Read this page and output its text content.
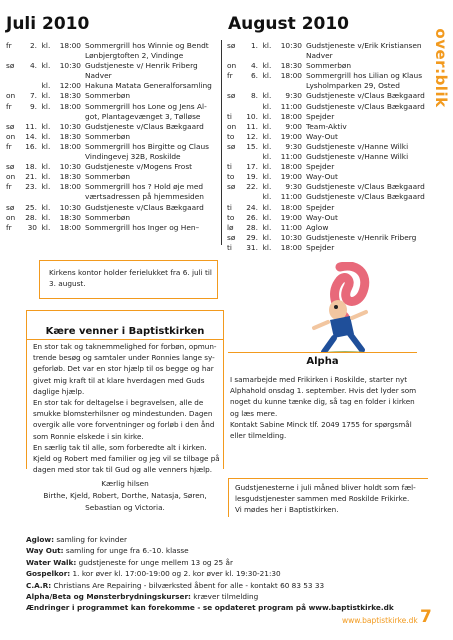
Juli 2010	August 2010
over:blik
fr	2. kl.	18:00 Sommergrill hos Winnie og Bendt
Lønbjergtoften 2, Vindinge
sø	4. kl.	10:30 Gudstjeneste v/ Henrik Friberg
Nadver
kl.	12:00 Hakuna Matata Generalforsamling
on	7. kl.	18:30 Sommerbøn
fr	9. kl.	18:00 Sommergrill hos Lone og Jens Al-
got, Plantagevænget 3, Tølløse
sø	11. kl.	10:30 Gudstjeneste v/Claus Bækgaard
on	14. kl.	18:30 Sommerbøn
fr	16. kl.	18:00 Sommergrill hos Birgitte og Claus
Vindingevej 32B, Roskilde
sø	18. kl.	10:30 Gudstjeneste v/Mogens Frost
on	21. kl.	18:30 Sommerbøn
fr	23. kl.	18:00 Sommergrill hos ? Hold øje med
værtsadressen på hjemmesiden
sø	25. kl.	10:30 Gudstjeneste v/Claus Bækgaard
on	28. kl.	18:30 Sommerbøn
fr	30 kl.	18:00 Sommergrill hos Inger og Hen–
sø	1. kl.	10:30 Gudstjeneste v/Erik Kristiansen
Nadver
on	4. kl.	18:30 Sommerbøn
fr	6. kl.	18:00 Sommergrill hos Lilian og Klaus
Lysholmparken 29, Osted
sø	8. kl.	9:30 Gudstjeneste v/Claus Bækgaard
kl.	11:00 Gudstjeneste v/Claus Bækgaard
ti	10. kl.	18:00 Spejder
on	11. kl.	9:00 Team-Aktiv
to	12. kl.	19:00 Way-Out
sø	15. kl.	9:30 Gudstjeneste v/Hanne Wilki
kl.	11:00 Gudstjeneste v/Hanne Wilki
ti	17. kl.	18:00 Spejder
to	19. kl.	19:00 Way-Out
sø	22. kl.	9:30 Gudstjeneste v/Claus Bækgaard
kl.	11:00 Gudstjeneste v/Claus Bækgaard
ti	24. kl.	18:00 Spejder
to	26. kl.	19:00 Way-Out
lø	28. kl.	11:00 Aglow
sø	29. kl.	10:30 Gudstjeneste v/Henrik Friberg
ti	31. kl.	18:00 Spejder
Kirkens kontor holder ferielukket fra 6. juli til
3. august.
Kære venner i Baptistkirken
En stor tak og taknemmelighed for forbøn, opmun-
trende besøg og samtaler under Ronnies lange sy-
geforløb. Det var en stor hjælp til os begge og har
givet mig kraft til at klare hverdagen med Guds
daglige hjælp.
En stor tak for deltagelse i begravelsen, alle de
smukke blomsterhilsner og mindestunden. Dagen
overgik alle vore forventninger og forløb i den ånd
som Ronnie elskede i sin kirke.
En særlig tak til alle, som forberedte alt i kirken.
Kjeld og Robert med familier og jeg vil se tilbage på
dagen med stor tak til Gud og alle venners hjælp.
Kærlig hilsen
Birthe, Kjeld, Robert, Dorthe, Natasja, Søren,
Sebastian og Victoria.
Alpha
I samarbejde med Frikirken i Roskilde, starter nyt
Alphahold onsdag 1. september. Hvis det lyder som
noget du kunne tænke dig, så tag en folder i kirken
og læs mere.
Kontakt Sabine Minck tlf. 2049 1755 for spørgsmål
eller tilmelding.
Gudstjenesterne i juli måned bliver holdt som fæl-
lesgudstjenester sammen med Roskilde Frikirke.
Vi mødes her i Baptistkirken.
Aglow: samling for kvinder
Way Out: samling for unge fra 6.-10. klasse
Water Walk: gudstjeneste for unge mellem 13 og 25 år
Gospelkor: 1. kor øver kl. 17:00-19:00 og 2. kor øver kl. 19:30-21:30
C.A.R: Christians Are Repairing - bilværksted åbent for alle - kontakt 60 83 53 33
Alpha/Beta og Mønsterbrydningskurser: kræver tilmelding
Ændringer i programmet kan forekomme - se opdateret program på www.baptistkirke.dk
www.baptistkirke.dk 7
